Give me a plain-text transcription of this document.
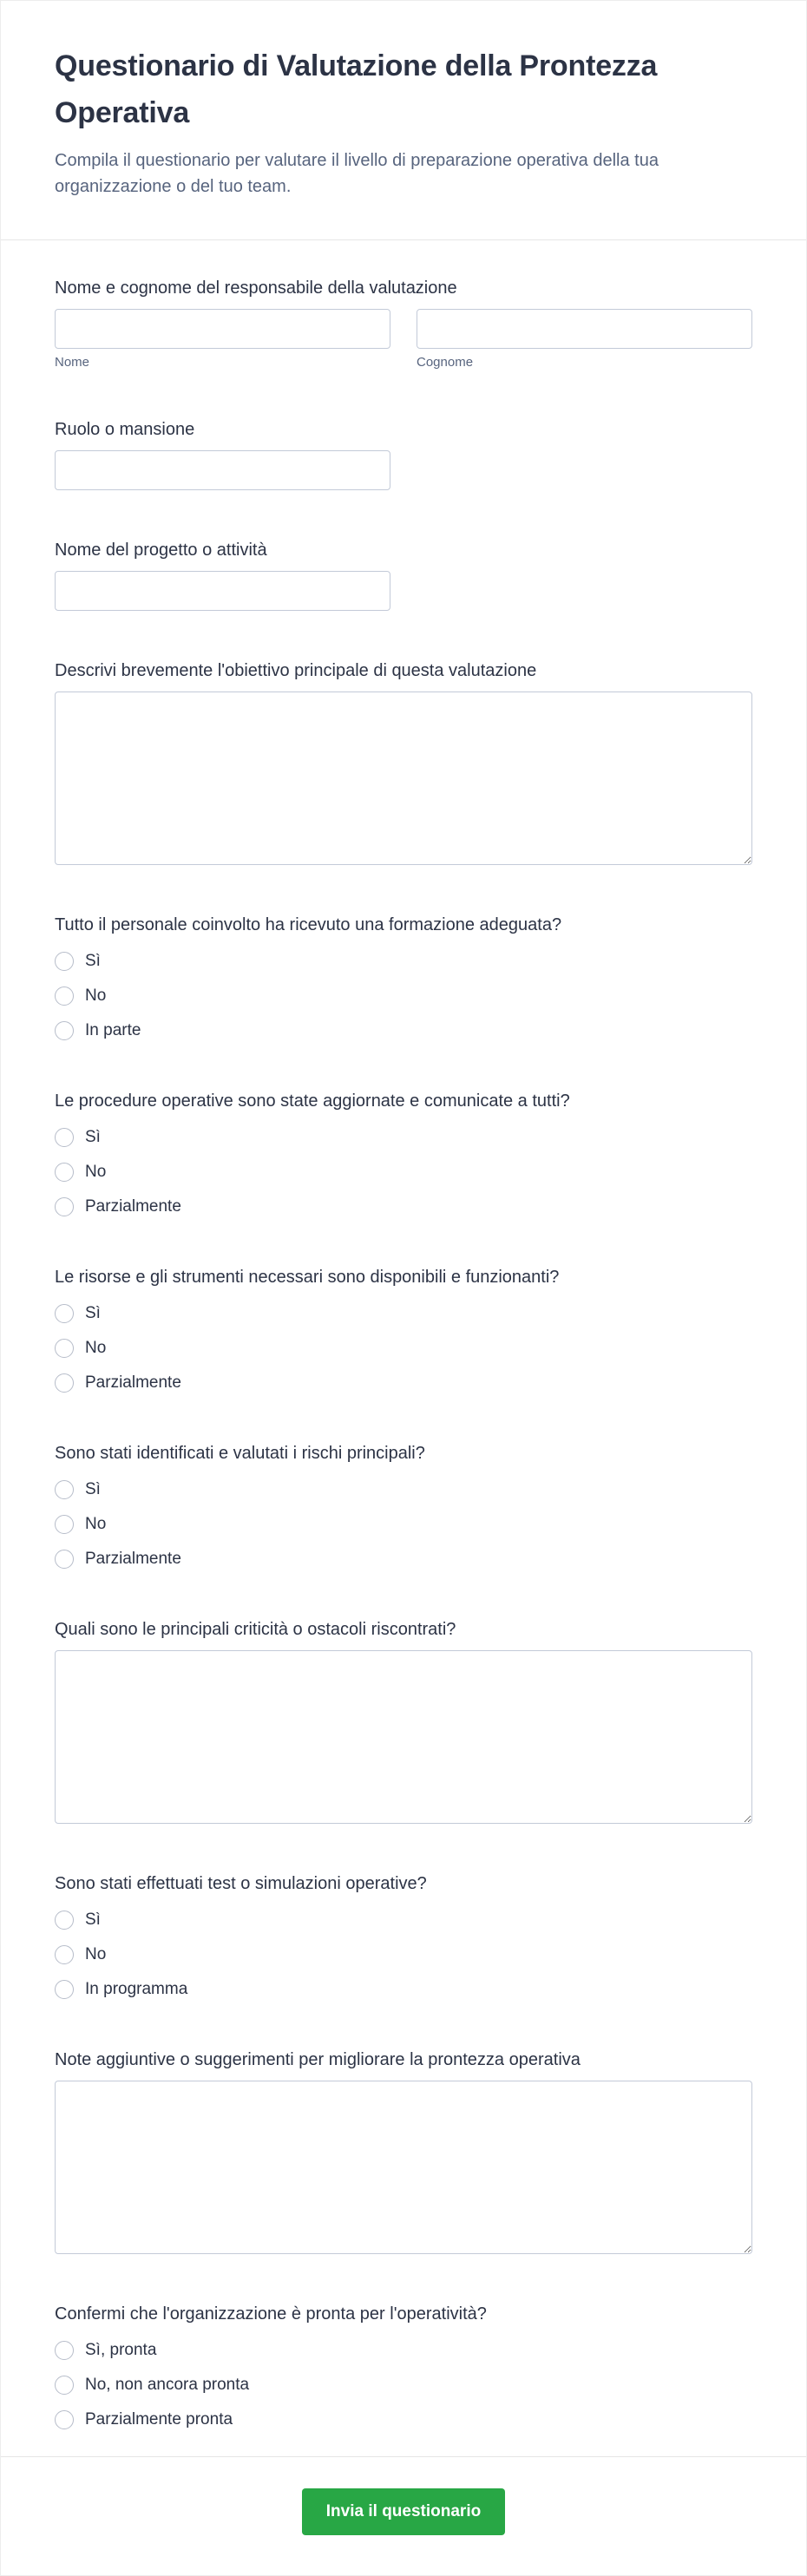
Questionario di Valutazione della Prontezza Operativa

Compila il questionario per valutare il livello di preparazione operativa della tua organizzazione o del tuo team.

Nome e cognome del responsabile della valutazione
Nome	Cognome
Ruolo o mansione
Nome del progetto o attività
Descrivi brevemente l'obiettivo principale di questa valutazione
Tutto il personale coinvolto ha ricevuto una formazione adeguata?
Sì
No
In parte
Le procedure operative sono state aggiornate e comunicate a tutti?
Sì
No
Parzialmente
Le risorse e gli strumenti necessari sono disponibili e funzionanti?
Sì
No
Parzialmente
Sono stati identificati e valutati i rischi principali?
Sì
No
Parzialmente
Quali sono le principali criticità o ostacoli riscontrati?
Sono stati effettuati test o simulazioni operative?
Sì
No
In programma
Note aggiuntive o suggerimenti per migliorare la prontezza operativa
Confermi che l'organizzazione è pronta per l'operatività?
Sì, pronta
No, non ancora pronta
Parzialmente pronta
Invia il questionario
